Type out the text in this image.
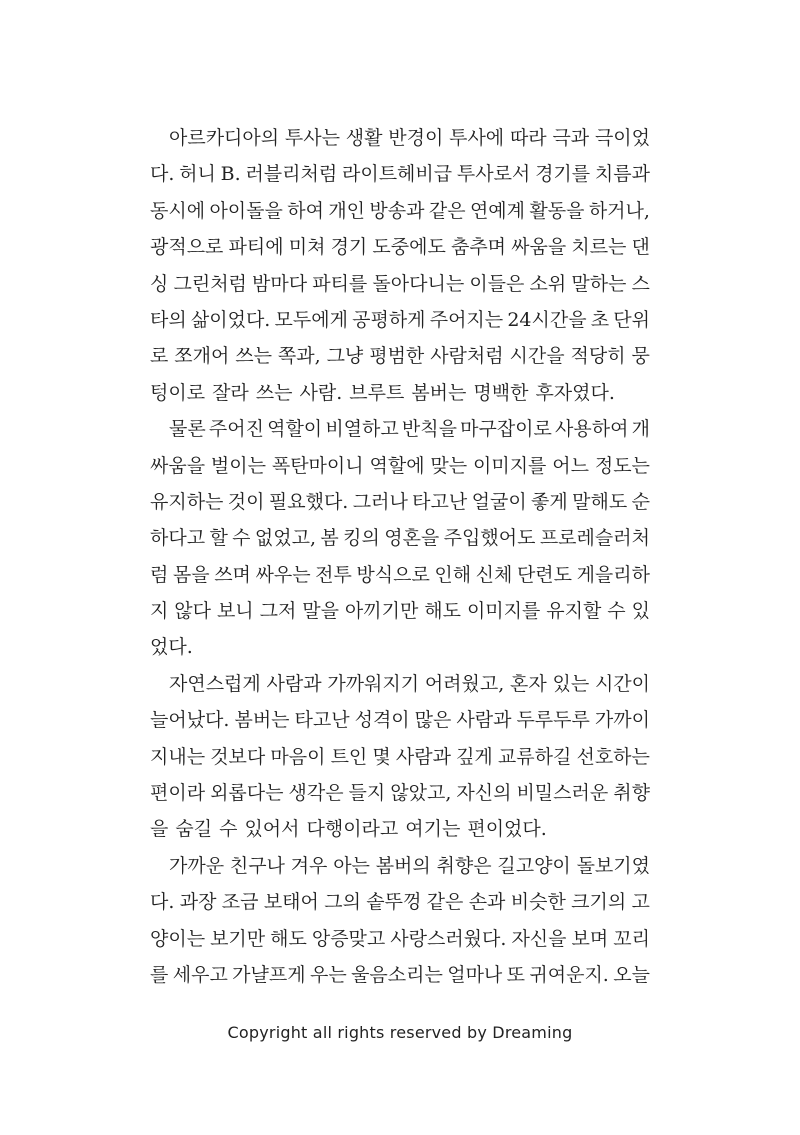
아르카디아의 투사는 생활 반경이 투사에 따라 극과 극이었
다. 허니 B. 러블리처럼 라이트헤비급 투사로서 경기를 치름과
동시에 아이돌을 하여 개인 방송과 같은 연예계 활동을 하거나,
광적으로 파티에 미쳐 경기 도중에도 춤추며 싸움을 치르는 댄
싱 그린처럼 밤마다 파티를 돌아다니는 이들은 소위 말하는 스
타의 삶이었다. 모두에게 공평하게 주어지는 24시간을 초 단위
로 쪼개어 쓰는 쪽과, 그냥 평범한 사람처럼 시간을 적당히 뭉
텅이로 잘라 쓰는 사람. 브루트 봄버는 명백한 후자였다.
물론 주어진 역할이 비열하고 반칙을 마구잡이로 사용하여 개
싸움을 벌이는 폭탄마이니 역할에 맞는 이미지를 어느 정도는
유지하는 것이 필요했다. 그러나 타고난 얼굴이 좋게 말해도 순
하다고 할 수 없었고, 봄 킹의 영혼을 주입했어도 프로레슬러처
럼 몸을 쓰며 싸우는 전투 방식으로 인해 신체 단련도 게을리하
지 않다 보니 그저 말을 아끼기만 해도 이미지를 유지할 수 있
었다.
자연스럽게 사람과 가까워지기 어려웠고, 혼자 있는 시간이
늘어났다. 봄버는 타고난 성격이 많은 사람과 두루두루 가까이
지내는 것보다 마음이 트인 몇 사람과 깊게 교류하길 선호하는
편이라 외롭다는 생각은 들지 않았고, 자신의 비밀스러운 취향
을 숨길 수 있어서 다행이라고 여기는 편이었다.
가까운 친구나 겨우 아는 봄버의 취향은 길고양이 돌보기였
다. 과장 조금 보태어 그의 솥뚜껑 같은 손과 비슷한 크기의 고
양이는 보기만 해도 앙증맞고 사랑스러웠다. 자신을 보며 꼬리
를 세우고 가냘프게 우는 울음소리는 얼마나 또 귀여운지. 오늘
Copyright all rights reserved by Dreaming
